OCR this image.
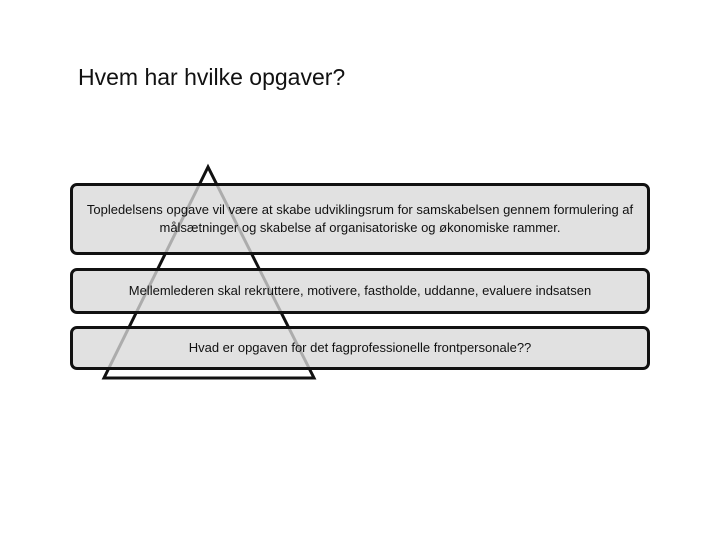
Hvem har hvilke opgaver?
Topledelsens opgave vil være at skabe udviklingsrum for samskabelsen gennem formulering af målsætninger og skabelse af organisatoriske og økonomiske rammer.
Mellemlederen skal rekruttere, motivere, fastholde, uddanne, evaluere indsatsen
Hvad er opgaven for det fagprofessionelle frontpersonale??
